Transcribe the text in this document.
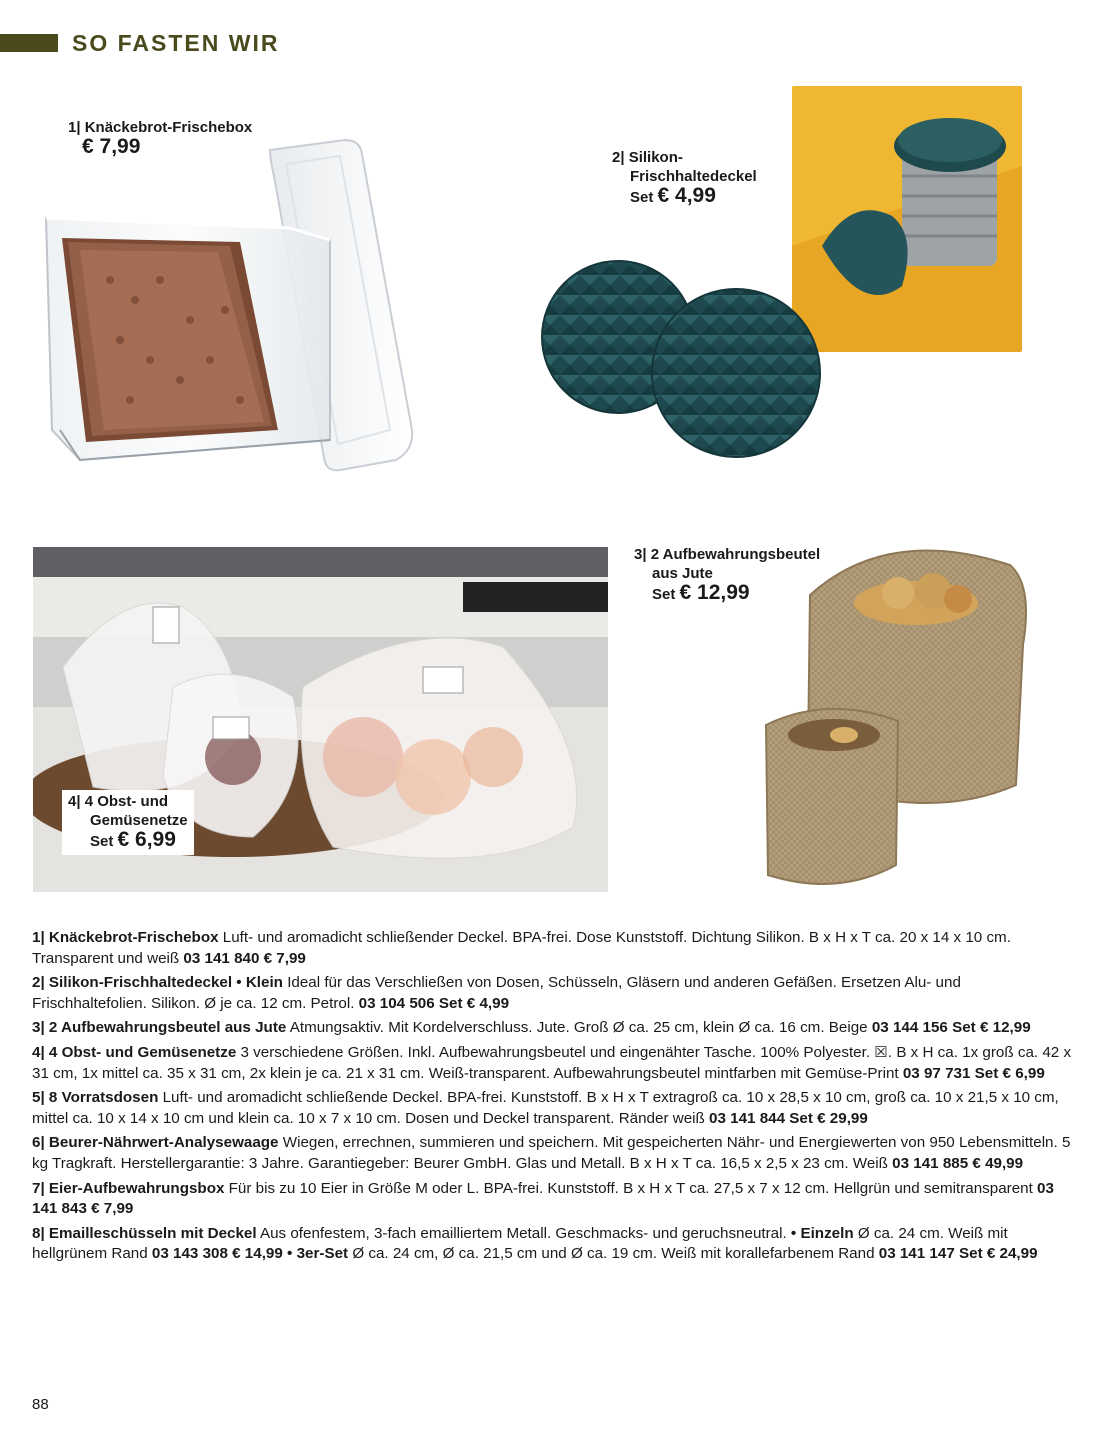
SO FASTEN WIR
1| Knäckebrot-Frischebox
€ 7,99	2| Silikon-
Frischhaltedeckel
Set € 4,99
3| 2 Aufbewahrungsbeutel
aus Jute
Set € 12,99
4| 4 Obst- und
Gemüsenetze
Set € 6,99
1| Knäckebrot-Frischebox Luft- und aromadicht schließender Deckel. BPA-frei. Dose Kunststoff. Dichtung Silikon. B x H x T ca. 20 x 14 x 10 cm. Transparent und weiß 03 141 840 € 7,99
2| Silikon-Frischhaltedeckel • Klein Ideal für das Verschließen von Dosen, Schüsseln, Gläsern und anderen Gefäßen. Ersetzen Alu- und Frischhaltefolien. Silikon. Ø je ca. 12 cm. Petrol. 03 104 506 Set € 4,99
3| 2 Aufbewahrungsbeutel aus Jute Atmungsaktiv. Mit Kordelverschluss. Jute. Groß Ø ca. 25 cm, klein Ø ca. 16 cm. Beige 03 144 156 Set € 12,99
4| 4 Obst- und Gemüsenetze 3 verschiedene Größen. Inkl. Aufbewahrungsbeutel und eingenähter Tasche. 100% Polyester. ☒. B x H ca. 1x groß ca. 42 x 31 cm, 1x mittel ca. 35 x 31 cm, 2x klein je ca. 21 x 31 cm. Weiß-transparent. Aufbewahrungsbeutel mintfarben mit Gemüse-Print 03 97 731 Set € 6,99
5| 8 Vorratsdosen Luft- und aromadicht schließende Deckel. BPA-frei. Kunststoff. B x H x T extragroß ca. 10 x 28,5 x 10 cm, groß ca. 10 x 21,5 x 10 cm, mittel ca. 10 x 14 x 10 cm und klein ca. 10 x 7 x 10 cm. Dosen und Deckel transparent. Ränder weiß 03 141 844 Set € 29,99
6| Beurer-Nährwert-Analysewaage Wiegen, errechnen, summieren und speichern. Mit gespeicherten Nähr- und Energiewerten von 950 Lebensmitteln. 5 kg Tragkraft. Herstellergarantie: 3 Jahre. Garantiegeber: Beurer GmbH. Glas und Metall. B x H x T ca. 16,5 x 2,5 x 23 cm. Weiß 03 141 885 € 49,99
7| Eier-Aufbewahrungsbox Für bis zu 10 Eier in Größe M oder L. BPA-frei. Kunststoff. B x H x T ca. 27,5 x 7 x 12 cm. Hellgrün und semitransparent 03 141 843 € 7,99
8| Emailleschüsseln mit Deckel Aus ofenfestem, 3-fach emailliertem Metall. Geschmacks- und geruchsneutral. • Einzeln Ø ca. 24 cm. Weiß mit hellgrünem Rand 03 143 308 € 14,99 • 3er-Set Ø ca. 24 cm, Ø ca. 21,5 cm und Ø ca. 19 cm. Weiß mit korallefarbenem Rand 03 141 147 Set € 24,99
88
